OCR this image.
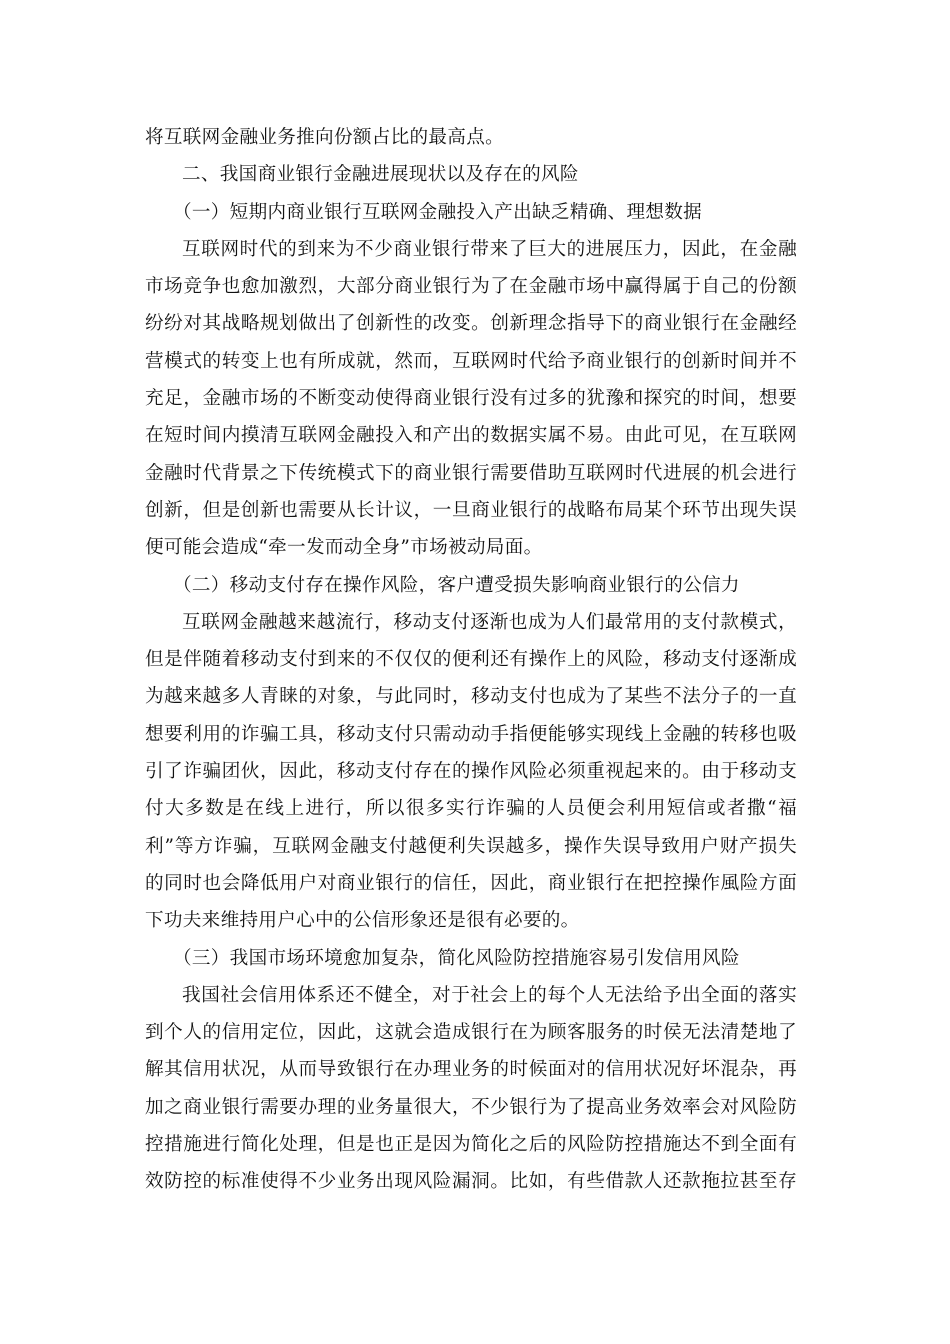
将互联网金融业务推向份额占比的最高点。
二、我国商业银行金融进展现状以及存在的风险
（一）短期内商业银行互联网金融投入产出缺乏精确、理想数据
互联网时代的到来为不少商业银行带来了巨大的进展压力，因此，在金融
市场竞争也愈加激烈，大部分商业银行为了在金融市场中赢得属于自己的份额
纷纷对其战略规划做出了创新性的改变。创新理念指导下的商业银行在金融经
营模式的转变上也有所成就，然而，互联网时代给予商业银行的创新时间并不
充足，金融市场的不断变动使得商业银行没有过多的犹豫和探究的时间，想要
在短时间内摸清互联网金融投入和产出的数据实属不易。由此可见，在互联网
金融时代背景之下传统模式下的商业银行需要借助互联网时代进展的机会进行
创新，但是创新也需要从长计议，一旦商业银行的战略布局某个环节出现失误
便可能会造成“牵一发而动全身”市场被动局面。
（二）移动支付存在操作风险，客户遭受损失影响商业银行的公信力
互联网金融越来越流行，移动支付逐渐也成为人们最常用的支付款模式，
但是伴随着移动支付到来的不仅仅的便利还有操作上的风险，移动支付逐渐成
为越来越多人青睐的对象，与此同时，移动支付也成为了某些不法分子的一直
想要利用的诈骗工具，移动支付只需动动手指便能够实现线上金融的转移也吸
引了诈骗团伙，因此，移动支付存在的操作风险必须重视起来的。由于移动支
付大多数是在线上进行，所以很多实行诈骗的人员便会利用短信或者撒“福
利”等方诈骗，互联网金融支付越便利失误越多，操作失误导致用户财产损失
的同时也会降低用户对商业银行的信任，因此，商业银行在把控操作風险方面
下功夫来维持用户心中的公信形象还是很有必要的。
（三）我国市场环境愈加复杂，简化风险防控措施容易引发信用风险
我国社会信用体系还不健全，对于社会上的每个人无法给予出全面的落实
到个人的信用定位，因此，这就会造成银行在为顾客服务的时侯无法清楚地了
解其信用状况，从而导致银行在办理业务的时候面对的信用状况好坏混杂，再
加之商业银行需要办理的业务量很大，不少银行为了提高业务效率会对风险防
控措施进行简化处理，但是也正是因为简化之后的风险防控措施达不到全面有
效防控的标准使得不少业务出现风险漏洞。比如，有些借款人还款拖拉甚至存
